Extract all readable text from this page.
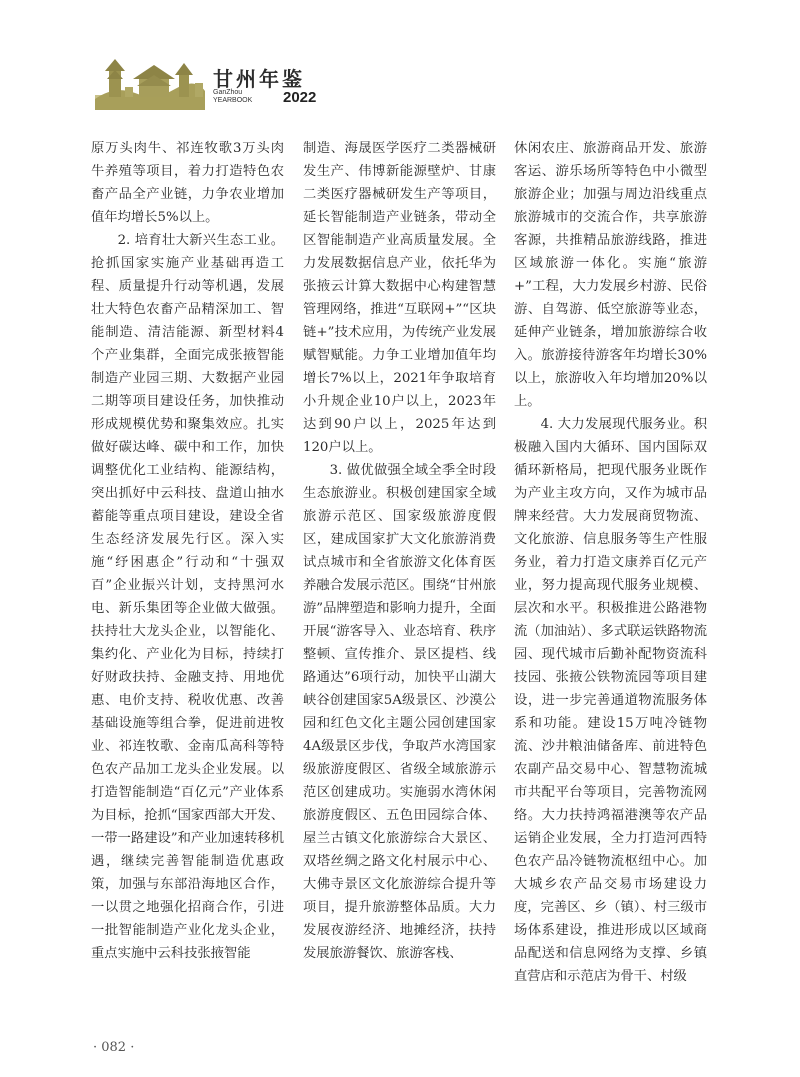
甘州年鉴
GanZhou
YEARBOOK 2022

原万头肉牛、祁连牧歌3万头肉牛养殖等项目，着力打造特色农畜产品全产业链，力争农业增加值年均增长5%以上。

2. 培育壮大新兴生态工业。抢抓国家实施产业基础再造工程、质量提升行动等机遇，发展壮大特色农畜产品精深加工、智能制造、清洁能源、新型材料4个产业集群，全面完成张掖智能制造产业园三期、大数据产业园二期等项目建设任务，加快推动形成规模优势和聚集效应。扎实做好碳达峰、碳中和工作，加快调整优化工业结构、能源结构，突出抓好中云科技、盘道山抽水蓄能等重点项目建设，建设全省生态经济发展先行区。深入实施“纾困惠企”行动和“十强双百”企业振兴计划，支持黑河水电、新乐集团等企业做大做强。扶持壮大龙头企业，以智能化、集约化、产业化为目标，持续打好财政扶持、金融支持、用地优惠、电价支持、税收优惠、改善基础设施等组合拳，促进前进牧业、祁连牧歌、金南瓜高科等特色农产品加工龙头企业发展。以打造智能制造“百亿元”产业体系为目标，抢抓“国家西部大开发、一带一路建设”和产业加速转移机遇，继续完善智能制造优惠政策，加强与东部沿海地区合作，一以贯之地强化招商合作，引进一批智能制造产业化龙头企业，重点实施中云科技张掖智能

制造、海晟医学医疗二类器械研发生产、伟博新能源壁炉、甘康二类医疗器械研发生产等项目，延长智能制造产业链条，带动全区智能制造产业高质量发展。全力发展数据信息产业，依托华为张掖云计算大数据中心构建智慧管理网络，推进“互联网+”“区块链+”技术应用，为传统产业发展赋智赋能。力争工业增加值年均增长7%以上，2021年争取培育小升规企业10户以上，2023年达到90户以上，2025年达到120户以上。

3. 做优做强全域全季全时段生态旅游业。积极创建国家全域旅游示范区、国家级旅游度假区，建成国家扩大文化旅游消费试点城市和全省旅游文化体育医养融合发展示范区。围绕“甘州旅游”品牌塑造和影响力提升，全面开展“游客导入、业态培育、秩序整顿、宣传推介、景区提档、线路通达”6项行动，加快平山湖大峡谷创建国家5A级景区、沙漠公园和红色文化主题公园创建国家4A级景区步伐，争取芦水湾国家级旅游度假区、省级全域旅游示范区创建成功。实施弱水湾休闲旅游度假区、五色田园综合体、屋兰古镇文化旅游综合大景区、双塔丝绸之路文化村展示中心、大佛寺景区文化旅游综合提升等项目，提升旅游整体品质。大力发展夜游经济、地摊经济，扶持发展旅游餐饮、旅游客栈、

休闲农庄、旅游商品开发、旅游客运、游乐场所等特色中小微型旅游企业；加强与周边沿线重点旅游城市的交流合作，共享旅游客源，共推精品旅游线路，推进区域旅游一体化。实施“旅游+”工程，大力发展乡村游、民俗游、自驾游、低空旅游等业态，延伸产业链条，增加旅游综合收入。旅游接待游客年均增长30%以上，旅游收入年均增加20%以上。

4. 大力发展现代服务业。积极融入国内大循环、国内国际双循环新格局，把现代服务业既作为产业主攻方向，又作为城市品牌来经营。大力发展商贸物流、文化旅游、信息服务等生产性服务业，着力打造文康养百亿元产业，努力提高现代服务业规模、层次和水平。积极推进公路港物流（加油站）、多式联运铁路物流园、现代城市后勤补配物资流科技园、张掖公铁物流园等项目建设，进一步完善通道物流服务体系和功能。建设15万吨冷链物流、沙井粮油储备库、前进特色农副产品交易中心、智慧物流城市共配平台等项目，完善物流网络。大力扶持鸿福港澳等农产品运销企业发展，全力打造河西特色农产品冷链物流枢纽中心。加大城乡农产品交易市场建设力度，完善区、乡（镇）、村三级市场体系建设，推进形成以区域商品配送和信息网络为支撑、乡镇直营店和示范店为骨干、村级

· 082 ·
